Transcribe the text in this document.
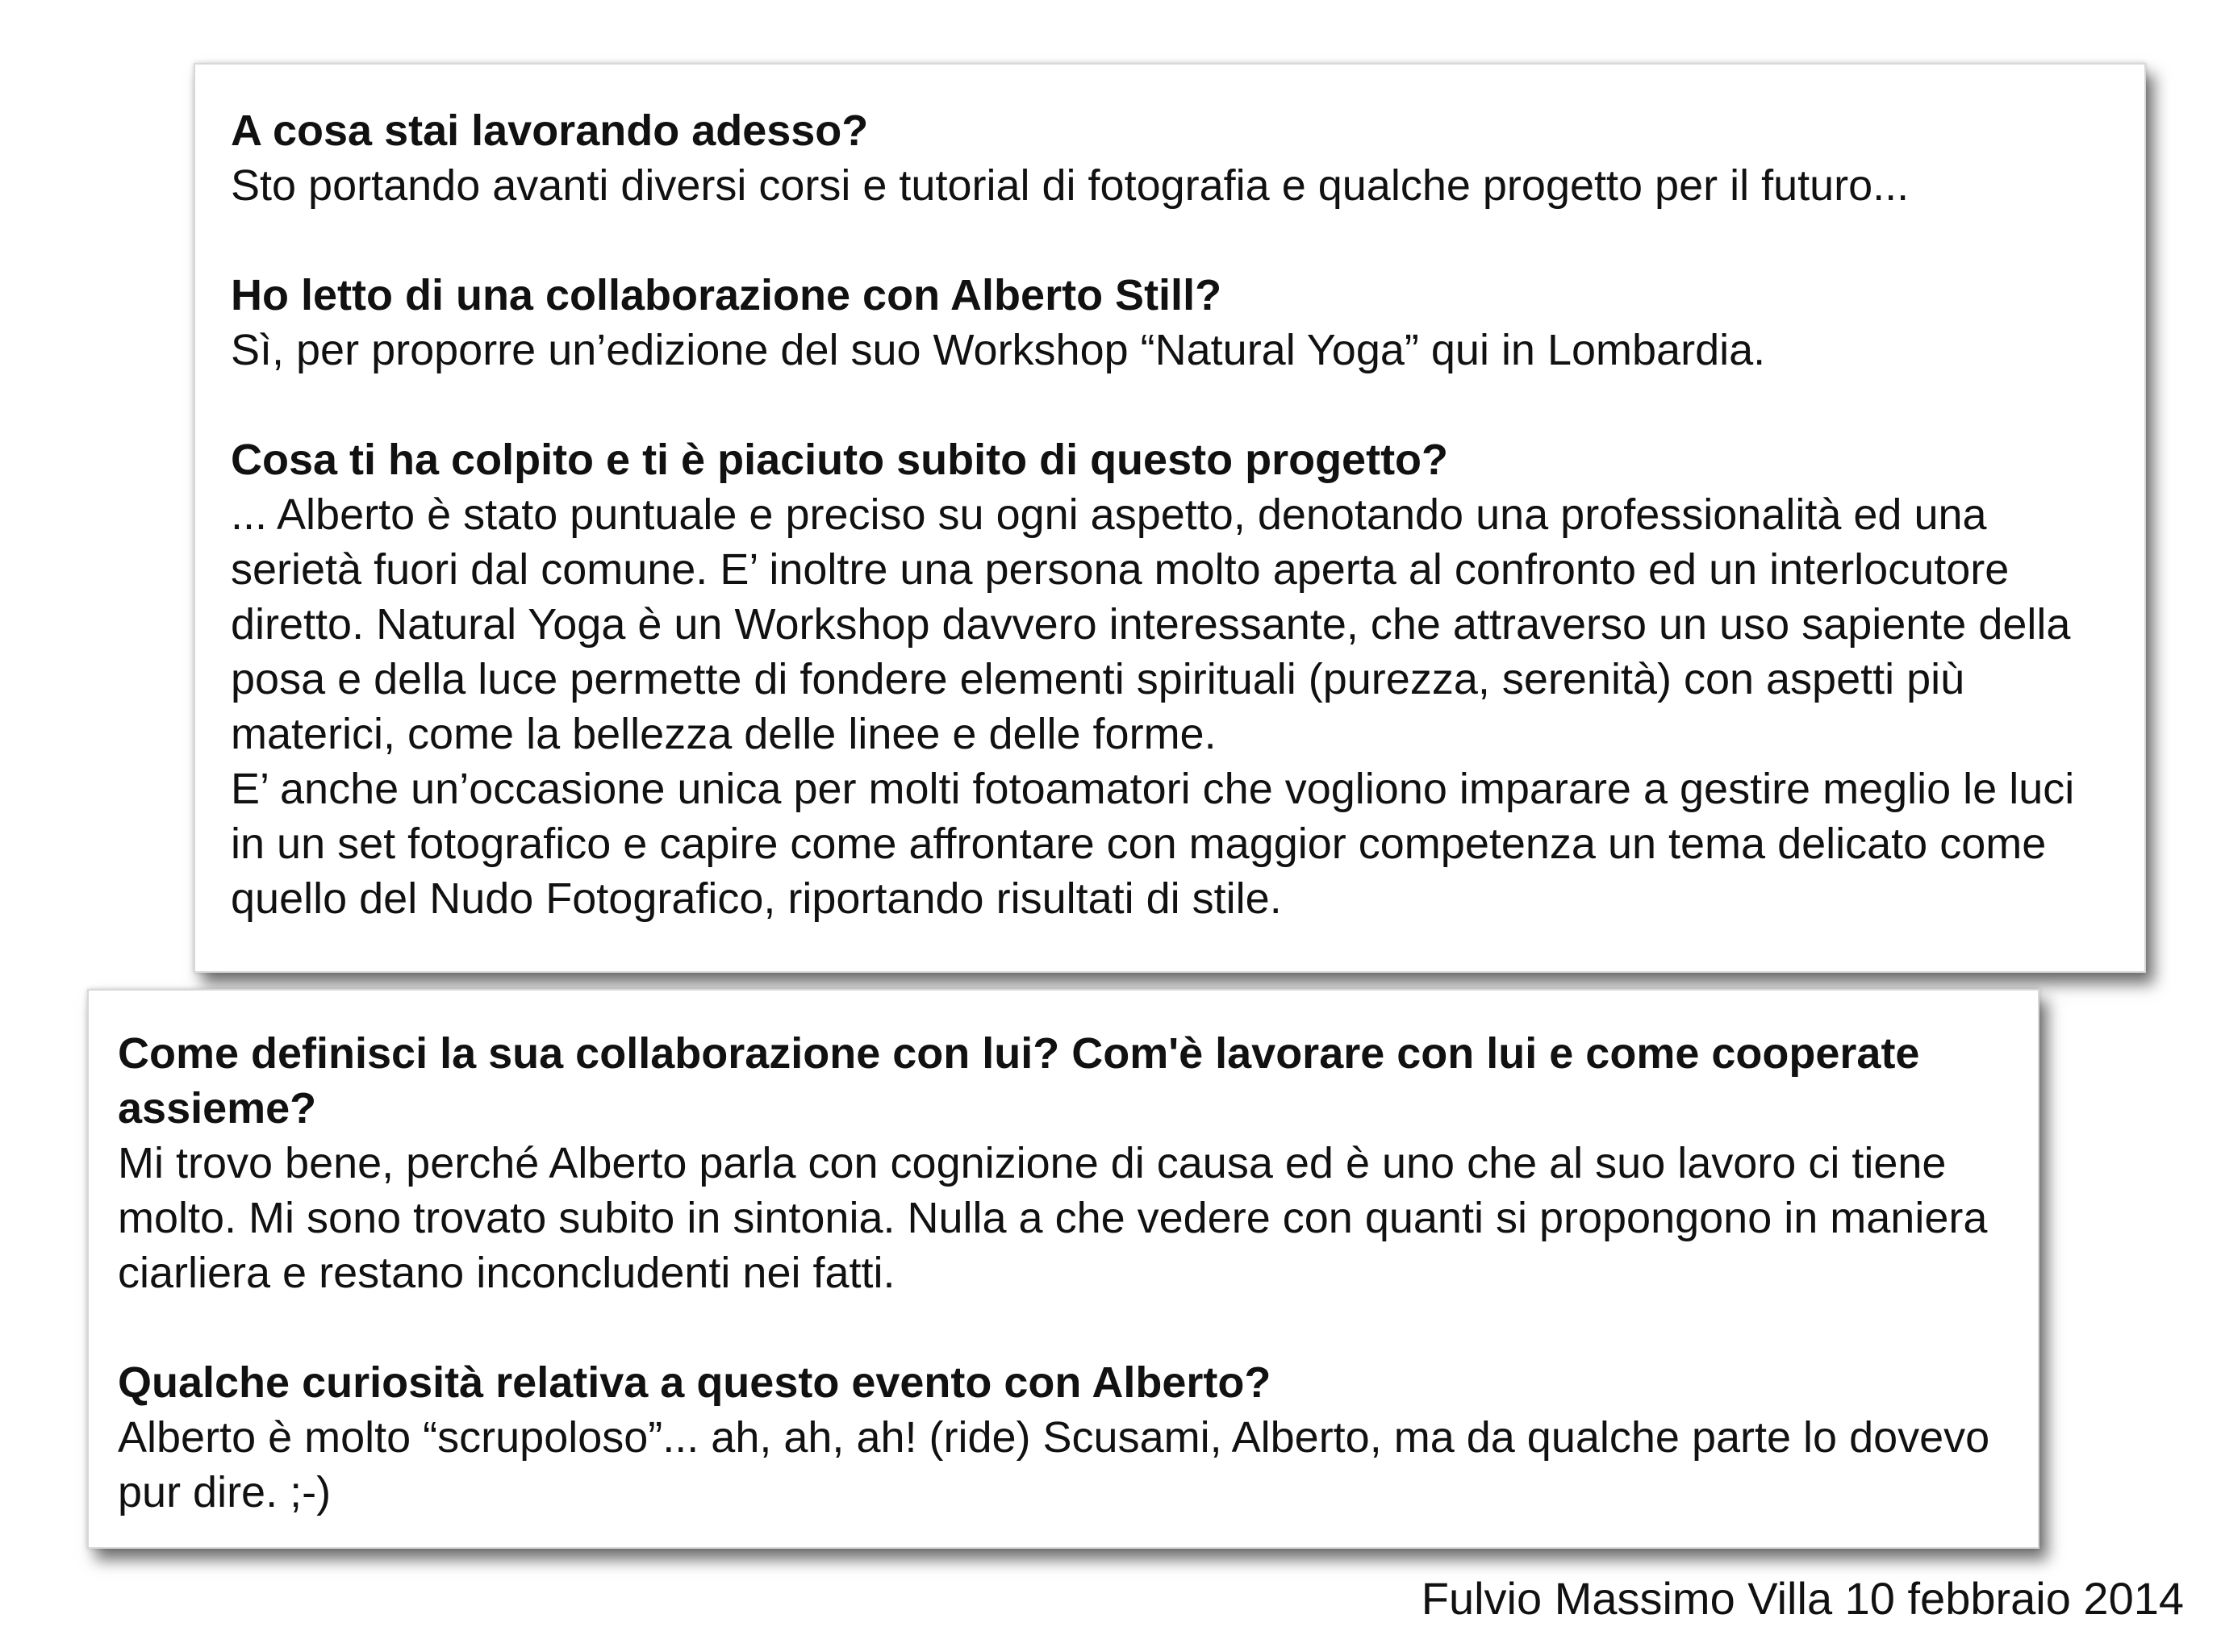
A cosa stai lavorando adesso?

Sto portando avanti diversi corsi e tutorial di fotografia e qualche progetto per il futuro...

Ho letto di una collaborazione con Alberto Still?

Sì, per proporre un’edizione del suo Workshop “Natural Yoga” qui in Lombardia.

Cosa ti ha colpito e ti è piaciuto subito di questo progetto?

... Alberto è stato puntuale e preciso su ogni aspetto, denotando una professionalità ed una serietà fuori dal comune. E’ inoltre una persona molto aperta al confronto ed un interlocutore diretto. Natural Yoga è un Workshop davvero interessante, che attraverso un uso sapiente della posa e della luce permette di fondere elementi spirituali (purezza, serenità) con aspetti più materici, come la bellezza delle linee e delle forme.

E’ anche un’occasione unica per molti fotoamatori che vogliono imparare a gestire meglio le luci in un set fotografico e capire come affrontare con maggior competenza un tema delicato come quello del Nudo Fotografico, riportando risultati di stile.

Come definisci la sua collaborazione con lui? Com'è lavorare con lui e come cooperate assieme?

Mi trovo bene, perché Alberto parla con cognizione di causa ed è uno che al suo lavoro ci tiene molto. Mi sono trovato subito in sintonia. Nulla a che vedere con quanti si propongono in maniera ciarliera e restano inconcludenti nei fatti.

Qualche curiosità relativa a questo evento con Alberto?

Alberto è molto “scrupoloso”... ah, ah, ah! (ride) Scusami, Alberto, ma da qualche parte lo dovevo pur dire. ;-)

Fulvio Massimo Villa 10 febbraio 2014
